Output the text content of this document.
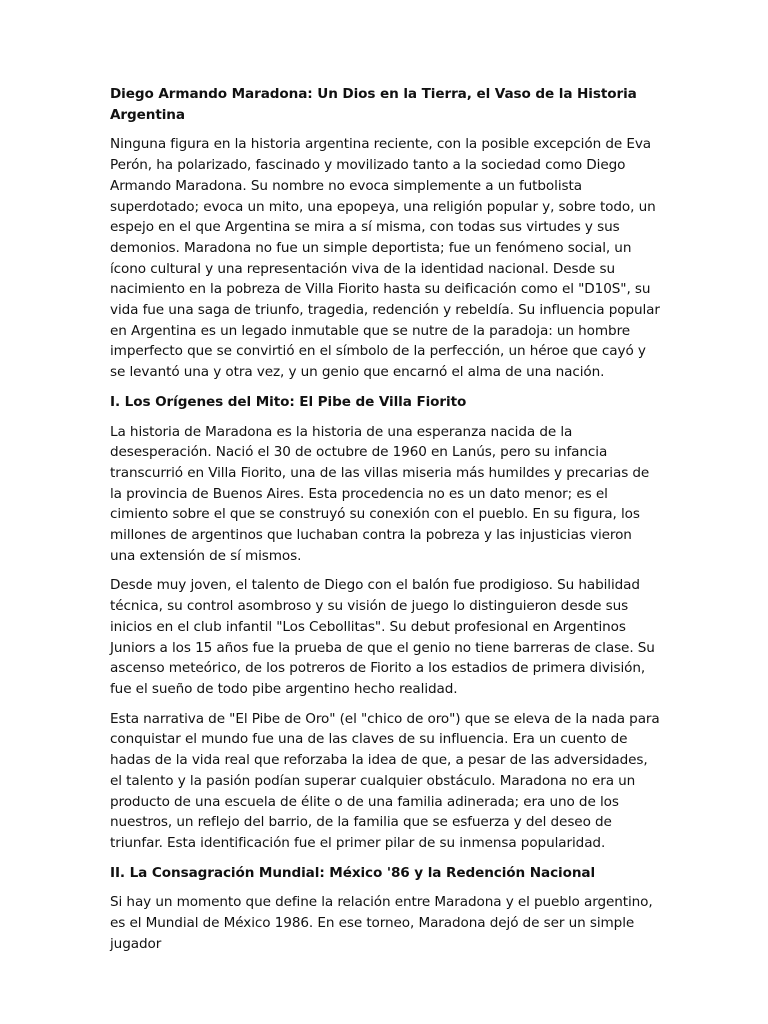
Diego Armando Maradona: Un Dios en la Tierra, el Vaso de la Historia Argentina

Ninguna figura en la historia argentina reciente, con la posible excepción de Eva Perón, ha polarizado, fascinado y movilizado tanto a la sociedad como Diego Armando Maradona. Su nombre no evoca simplemente a un futbolista superdotado; evoca un mito, una epopeya, una religión popular y, sobre todo, un espejo en el que Argentina se mira a sí misma, con todas sus virtudes y sus demonios. Maradona no fue un simple deportista; fue un fenómeno social, un ícono cultural y una representación viva de la identidad nacional. Desde su nacimiento en la pobreza de Villa Fiorito hasta su deificación como el "D10S", su vida fue una saga de triunfo, tragedia, redención y rebeldía. Su influencia popular en Argentina es un legado inmutable que se nutre de la paradoja: un hombre imperfecto que se convirtió en el símbolo de la perfección, un héroe que cayó y se levantó una y otra vez, y un genio que encarnó el alma de una nación.

I. Los Orígenes del Mito: El Pibe de Villa Fiorito

La historia de Maradona es la historia de una esperanza nacida de la desesperación. Nació el 30 de octubre de 1960 en Lanús, pero su infancia transcurrió en Villa Fiorito, una de las villas miseria más humildes y precarias de la provincia de Buenos Aires. Esta procedencia no es un dato menor; es el cimiento sobre el que se construyó su conexión con el pueblo. En su figura, los millones de argentinos que luchaban contra la pobreza y las injusticias vieron una extensión de sí mismos.

Desde muy joven, el talento de Diego con el balón fue prodigioso. Su habilidad técnica, su control asombroso y su visión de juego lo distinguieron desde sus inicios en el club infantil "Los Cebollitas". Su debut profesional en Argentinos Juniors a los 15 años fue la prueba de que el genio no tiene barreras de clase. Su ascenso meteórico, de los potreros de Fiorito a los estadios de primera división, fue el sueño de todo pibe argentino hecho realidad.

Esta narrativa de "El Pibe de Oro" (el "chico de oro") que se eleva de la nada para conquistar el mundo fue una de las claves de su influencia. Era un cuento de hadas de la vida real que reforzaba la idea de que, a pesar de las adversidades, el talento y la pasión podían superar cualquier obstáculo. Maradona no era un producto de una escuela de élite o de una familia adinerada; era uno de los nuestros, un reflejo del barrio, de la familia que se esfuerza y del deseo de triunfar. Esta identificación fue el primer pilar de su inmensa popularidad.

II. La Consagración Mundial: México '86 y la Redención Nacional

Si hay un momento que define la relación entre Maradona y el pueblo argentino, es el Mundial de México 1986. En ese torneo, Maradona dejó de ser un simple jugador
